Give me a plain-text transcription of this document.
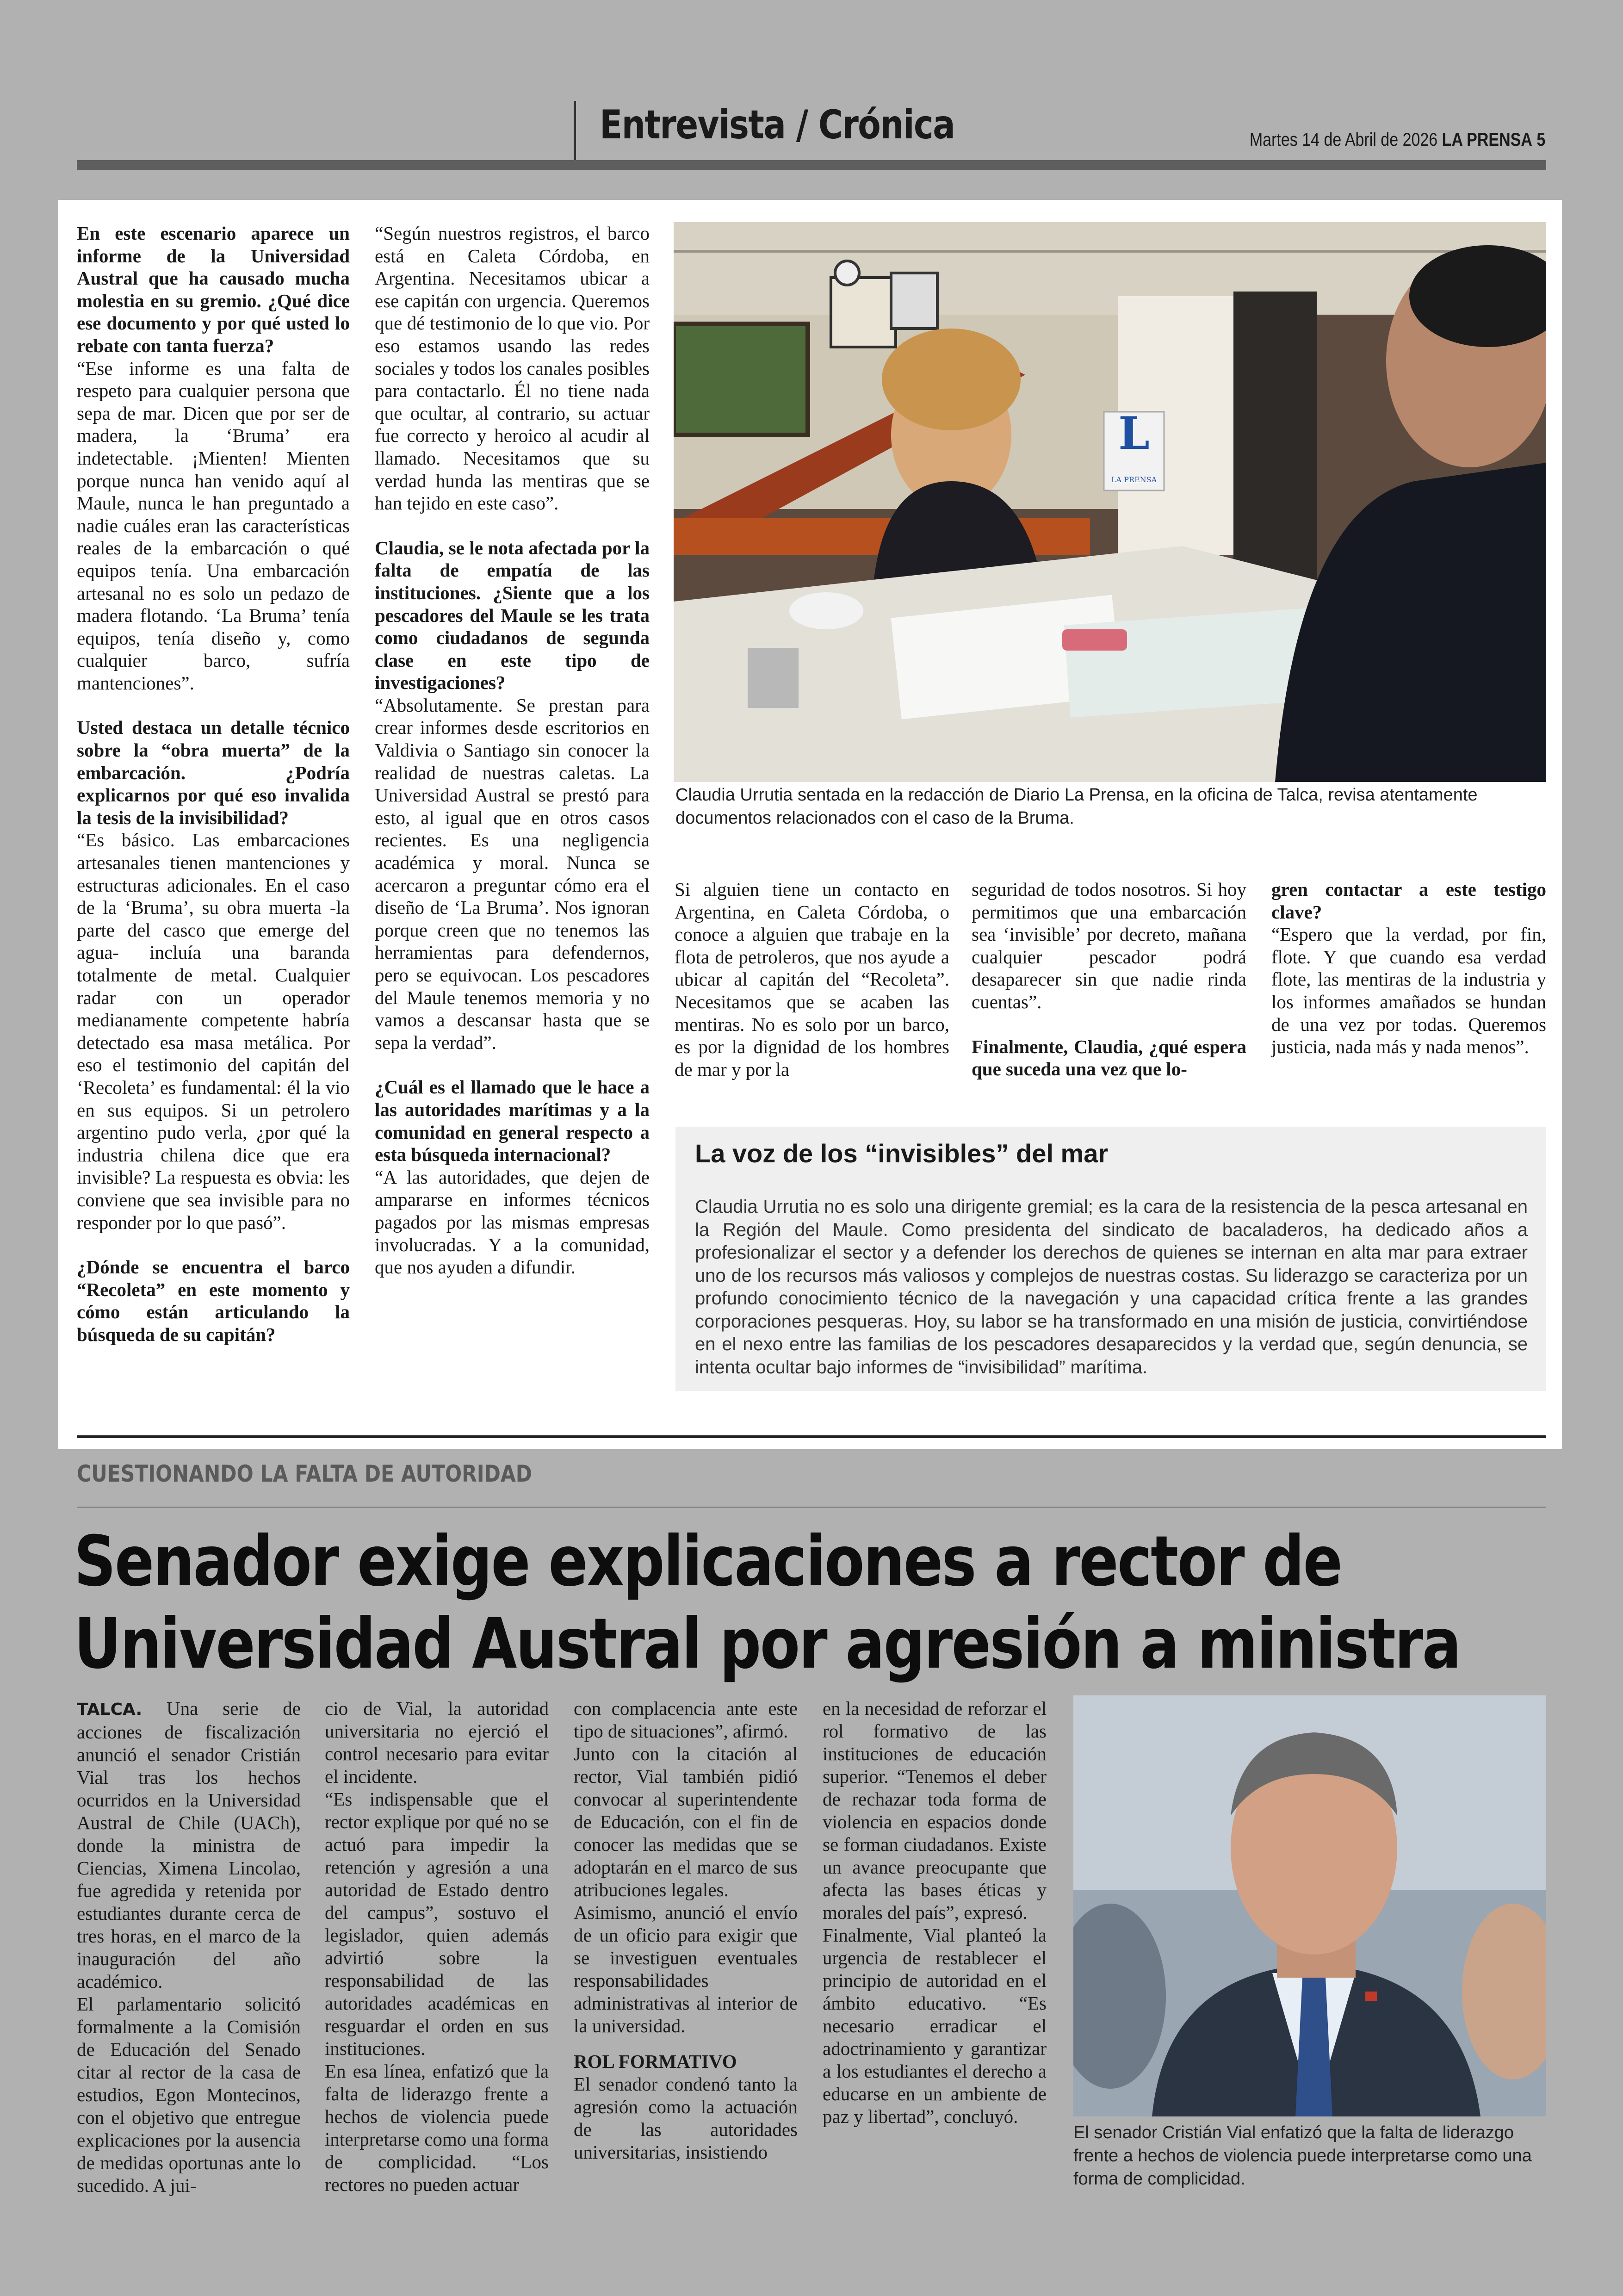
Entrevista / Crónica	Martes 14 de Abril de 2026 LA PRENSA 5

En este escenario aparece un informe de la Universidad Austral que ha causado mucha molestia en su gremio. ¿Qué dice ese documento y por qué usted lo rebate con tanta fuerza?

“Ese informe es una falta de respeto para cualquier persona que sepa de mar. Dicen que por ser de madera, la ‘Bruma’ era indetectable. ¡Mienten! Mienten porque nunca han venido aquí al Maule, nunca le han preguntado a nadie cuáles eran las características reales de la embarcación o qué equipos tenía. Una embarcación artesanal no es solo un pedazo de madera flotando. ‘La Bruma’ tenía equipos, tenía diseño y, como cualquier barco, sufría mantenciones”.

Usted destaca un detalle técnico sobre la “obra muerta” de la embarcación. ¿Podría explicarnos por qué eso invalida la tesis de la invisibilidad?

“Es básico. Las embarcaciones artesanales tienen mantenciones y estructuras adicionales. En el caso de la ‘Bruma’, su obra muerta -la parte del casco que emerge del agua- incluía una baranda totalmente de metal. Cualquier radar con un operador medianamente competente habría detectado esa masa metálica. Por eso el testimonio del capitán del ‘Recoleta’ es fundamental: él la vio en sus equipos. Si un petrolero argentino pudo verla, ¿por qué la industria chilena dice que era invisible? La respuesta es obvia: les conviene que sea invisible para no responder por lo que pasó”.

¿Dónde se encuentra el barco “Recoleta” en este momento y cómo están articulando la búsqueda de su capitán?

“Según nuestros registros, el barco está en Caleta Córdoba, en Argentina. Necesitamos ubicar a ese capitán con urgencia. Queremos que dé testimonio de lo que vio. Por eso estamos usando las redes sociales y todos los canales posibles para contactarlo. Él no tiene nada que ocultar, al contrario, su actuar fue correcto y heroico al acudir al llamado. Necesitamos que su verdad hunda las mentiras que se han tejido en este caso”.

Claudia, se le nota afectada por la falta de empatía de las instituciones. ¿Siente que a los pescadores del Maule se les trata como ciudadanos de segunda clase en este tipo de investigaciones?

“Absolutamente. Se prestan para crear informes desde escritorios en Valdivia o Santiago sin conocer la realidad de nuestras caletas. La Universidad Austral se prestó para esto, al igual que en otros casos recientes. Es una negligencia académica y moral. Nunca se acercaron a preguntar cómo era el diseño de ‘La Bruma’. Nos ignoran porque creen que no tenemos las herramientas para defendernos, pero se equivocan. Los pescadores del Maule tenemos memoria y no vamos a descansar hasta que se sepa la verdad”.

¿Cuál es el llamado que le hace a las autoridades marítimas y a la comunidad en general respecto a esta búsqueda internacional?

“A las autoridades, que dejen de ampararse en informes técnicos pagados por las mismas empresas involucradas. Y a la comunidad, que nos ayuden a difundir.

Si alguien tiene un contacto en Argentina, en Caleta Córdoba, o conoce a alguien que trabaje en la flota de petroleros, que nos ayude a ubicar al capitán del “Recoleta”. Necesitamos que se acaben las mentiras. No es solo por un barco, es por la dignidad de los hombres de mar y por la

seguridad de todos nosotros. Si hoy permitimos que una embarcación sea ‘invisible’ por decreto, mañana cualquier pescador podrá desaparecer sin que nadie rinda cuentas”.

Finalmente, Claudia, ¿qué espera que suceda una vez que lo-

gren contactar a este testigo clave?

“Espero que la verdad, por fin, flote. Y que cuando esa verdad flote, las mentiras de la industria y los informes amañados se hundan de una vez por todas. Queremos justicia, nada más y nada menos”.

L
LA PRENSA
Claudia Urrutia sentada en la redacción de Diario La Prensa, en la oficina de Talca, revisa atentamente documentos relacionados con el caso de la Bruma.
La voz de los “invisibles” del mar
Claudia Urrutia no es solo una dirigente gremial; es la cara de la resistencia de la pesca artesanal en la Región del Maule. Como presidenta del sindicato de bacaladeros, ha dedicado años a profesionalizar el sector y a defender los derechos de quienes se internan en alta mar para extraer uno de los recursos más valiosos y complejos de nuestras costas. Su liderazgo se caracteriza por un profundo conocimiento técnico de la navegación y una capacidad crítica frente a las grandes corporaciones pesqueras. Hoy, su labor se ha transformado en una misión de justicia, convirtiéndose en el nexo entre las familias de los pescadores desaparecidos y la verdad que, según denuncia, se intenta ocultar bajo informes de “invisibilidad” marítima.
CUESTIONANDO LA FALTA DE AUTORIDAD
Senador exige explicaciones a rector de
Universidad Austral por agresión a ministra

TALCA. Una serie de acciones de fiscalización anunció el senador Cristián Vial tras los hechos ocurridos en la Universidad Austral de Chile (UACh), donde la ministra de Ciencias, Ximena Lincolao, fue agredida y retenida por estudiantes durante cerca de tres horas, en el marco de la inauguración del año académico.

El parlamentario solicitó formalmente a la Comisión de Educación del Senado citar al rector de la casa de estudios, Egon Montecinos, con el objetivo que entregue explicaciones por la ausencia de medidas oportunas ante lo sucedido. A jui-

cio de Vial, la autoridad universitaria no ejerció el control necesario para evitar el incidente.

“Es indispensable que el rector explique por qué no se actuó para impedir la retención y agresión a una autoridad de Estado dentro del campus”, sostuvo el legislador, quien además advirtió sobre la responsabilidad de las autoridades académicas en resguardar el orden en sus instituciones.

En esa línea, enfatizó que la falta de liderazgo frente a hechos de violencia puede interpretarse como una forma de complicidad. “Los rectores no pueden actuar

con complacencia ante este tipo de situaciones”, afirmó.

Junto con la citación al rector, Vial también pidió convocar al superintendente de Educación, con el fin de conocer las medidas que se adoptarán en el marco de sus atribuciones legales.

Asimismo, anunció el envío de un oficio para exigir que se investiguen eventuales responsabilidades administrativas al interior de la universidad.

ROL FORMATIVO

El senador condenó tanto la agresión como la actuación de las autoridades universitarias, insistiendo

en la necesidad de reforzar el rol formativo de las instituciones de educación superior. “Tenemos el deber de rechazar toda forma de violencia en espacios donde se forman ciudadanos. Existe un avance preocupante que afecta las bases éticas y morales del país”, expresó.

Finalmente, Vial planteó la urgencia de restablecer el principio de autoridad en el ámbito educativo. “Es necesario erradicar el adoctrinamiento y garantizar a los estudiantes el derecho a educarse en un ambiente de paz y libertad”, concluyó.

El senador Cristián Vial enfatizó que la falta de liderazgo frente a hechos de violencia puede interpretarse como una forma de complicidad.
